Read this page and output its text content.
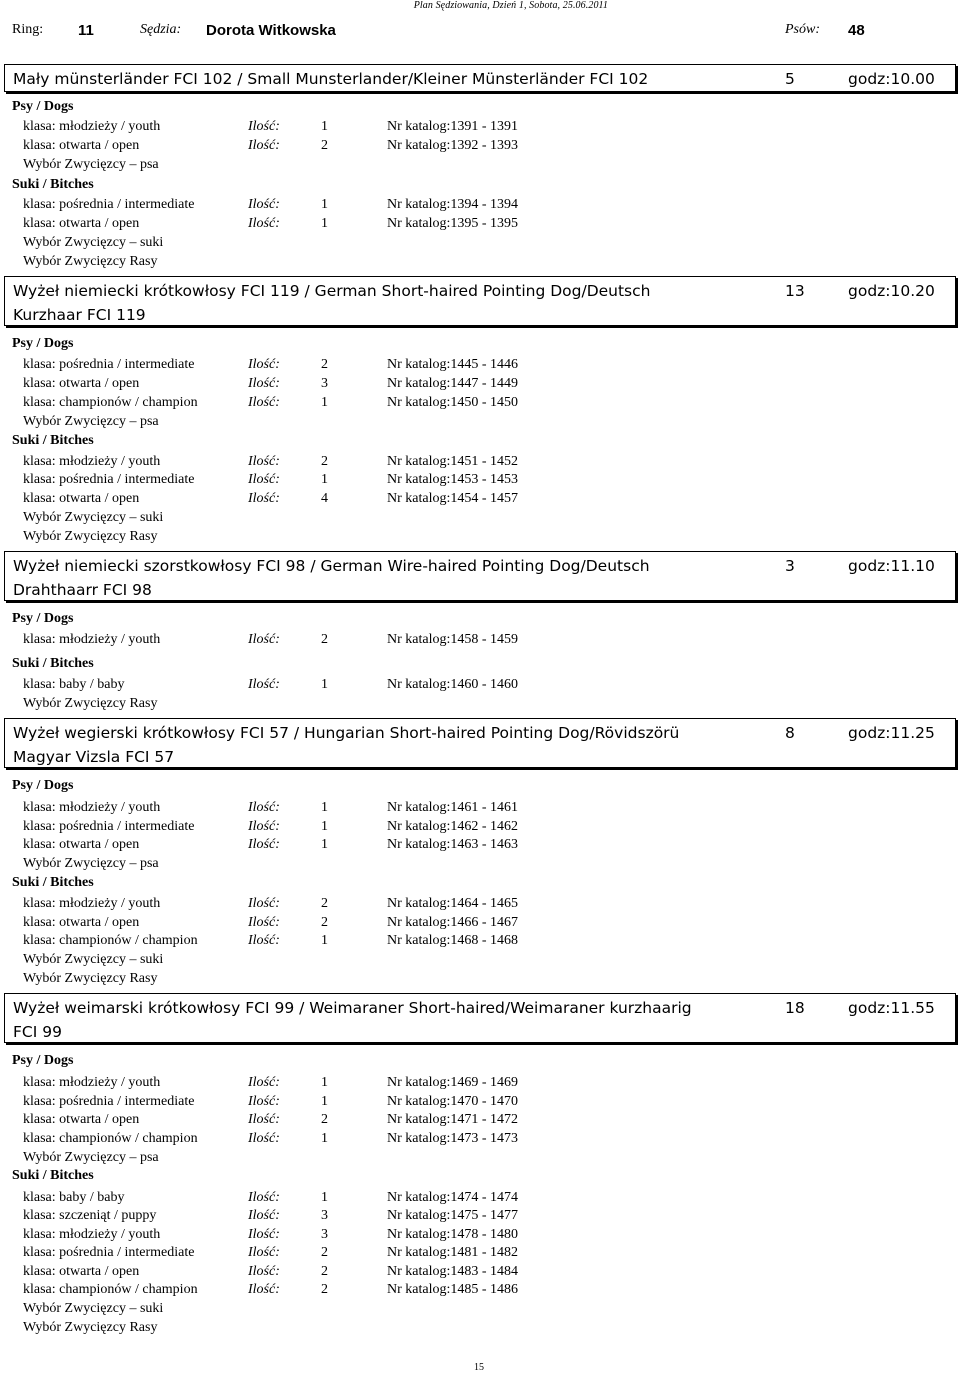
Plan Sędziowania, Dzień 1, Sobota, 25.06.2011
Ring: 11	Sędzia: Dorota Witkowska	Psów: 48
Mały münsterländer FCI 102 / Small Munsterlander/Kleiner Münsterländer FCI 102	5	godz:10.00
Psy / Dogs
klasa: młodzieży / youth	Ilość:	1	Nr katalog:1391 - 1391
klasa: otwarta / open	Ilość:	2	Nr katalog:1392 - 1393
Wybór Zwycięzcy – psa
Suki / Bitches
klasa: pośrednia / intermediate	Ilość:	1	Nr katalog:1394 - 1394
klasa: otwarta / open	Ilość:	1	Nr katalog:1395 - 1395
Wybór Zwycięzcy – suki
Wybór Zwycięzcy Rasy
Wyżeł niemiecki krótkowłosy FCI 119 / German Short-haired Pointing Dog/Deutsch Kurzhaar FCI 119
13	godz:10.20
Psy / Dogs
klasa: pośrednia / intermediate	Ilość:	2	Nr katalog:1445 - 1446
klasa: otwarta / open	Ilość:	3	Nr katalog:1447 - 1449
klasa: championów / champion	Ilość:	1	Nr katalog:1450 - 1450
Wybór Zwycięzcy – psa
Suki / Bitches
klasa: młodzieży / youth	Ilość:	2	Nr katalog:1451 - 1452
klasa: pośrednia / intermediate	Ilość:	1	Nr katalog:1453 - 1453
klasa: otwarta / open	Ilość:	4	Nr katalog:1454 - 1457
Wybór Zwycięzcy – suki
Wybór Zwycięzcy Rasy
Wyżeł niemiecki szorstkowłosy FCI 98 / German Wire-haired Pointing Dog/Deutsch Drahthaarr FCI 98
3	godz:11.10
Psy / Dogs
klasa: młodzieży / youth	Ilość:	2	Nr katalog:1458 - 1459
Suki / Bitches
klasa: baby / baby	Ilość:	1	Nr katalog:1460 - 1460
Wybór Zwycięzcy Rasy
Wyżeł wegierski krótkowłosy FCI 57 / Hungarian Short-haired Pointing Dog/Rövidszörü Magyar Vizsla FCI 57
8	godz:11.25
Psy / Dogs
klasa: młodzieży / youth	Ilość:	1	Nr katalog:1461 - 1461
klasa: pośrednia / intermediate	Ilość:	1	Nr katalog:1462 - 1462
klasa: otwarta / open	Ilość:	1	Nr katalog:1463 - 1463
Wybór Zwycięzcy – psa
Suki / Bitches
klasa: młodzieży / youth	Ilość:	2	Nr katalog:1464 - 1465
klasa: otwarta / open	Ilość:	2	Nr katalog:1466 - 1467
klasa: championów / champion	Ilość:	1	Nr katalog:1468 - 1468
Wybór Zwycięzcy – suki
Wybór Zwycięzcy Rasy
Wyżeł weimarski krótkowłosy FCI 99 / Weimaraner Short-haired/Weimaraner kurzhaarig FCI 99
18	godz:11.55
Psy / Dogs
klasa: młodzieży / youth	Ilość:	1	Nr katalog:1469 - 1469
klasa: pośrednia / intermediate	Ilość:	1	Nr katalog:1470 - 1470
klasa: otwarta / open	Ilość:	2	Nr katalog:1471 - 1472
klasa: championów / champion	Ilość:	1	Nr katalog:1473 - 1473
Wybór Zwycięzcy – psa
Suki / Bitches
klasa: baby / baby	Ilość:	1	Nr katalog:1474 - 1474
klasa: szczeniąt / puppy	Ilość:	3	Nr katalog:1475 - 1477
klasa: młodzieży / youth	Ilość:	3	Nr katalog:1478 - 1480
klasa: pośrednia / intermediate	Ilość:	2	Nr katalog:1481 - 1482
klasa: otwarta / open	Ilość:	2	Nr katalog:1483 - 1484
klasa: championów / champion	Ilość:	2	Nr katalog:1485 - 1486
Wybór Zwycięzcy – suki
Wybór Zwycięzcy Rasy
15
